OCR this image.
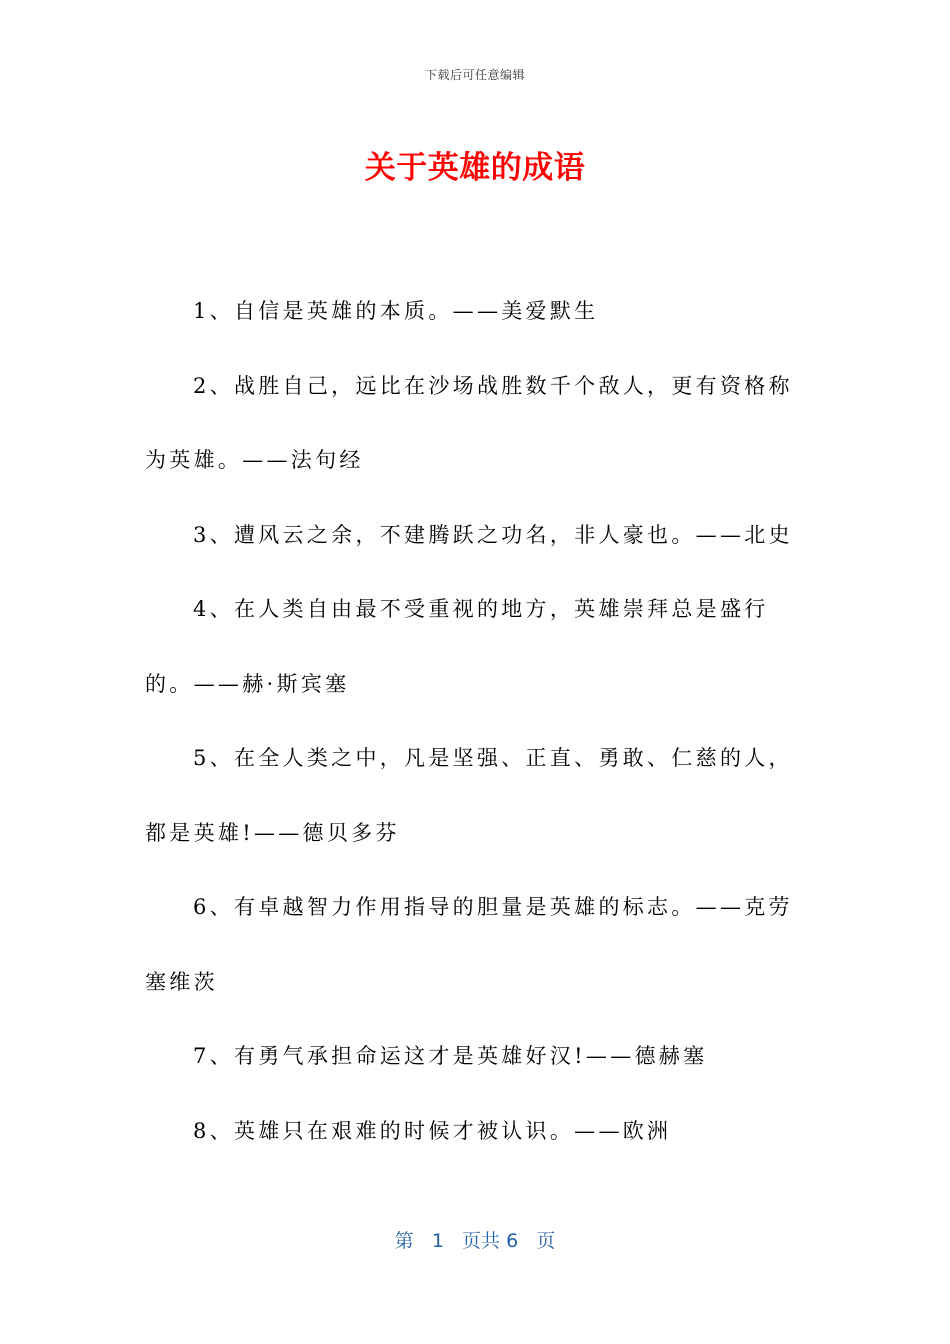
下载后可任意编辑
关于英雄的成语

1、自信是英雄的本质。——美爱默生

2、战胜自己，远比在沙场战胜数千个敌人，更有资格称为英雄。——法句经

3、遭风云之余，不建腾跃之功名，非人豪也。——北史

4、在人类自由最不受重视的地方，英雄崇拜总是盛行的。——赫·斯宾塞

5、在全人类之中，凡是坚强、正直、勇敢、仁慈的人，都是英雄!——德贝多芬

6、有卓越智力作用指导的胆量是英雄的标志。——克劳塞维茨

7、有勇气承担命运这才是英雄好汉!——德赫塞

8、英雄只在艰难的时候才被认识。——欧洲

第 1 页共 6 页
